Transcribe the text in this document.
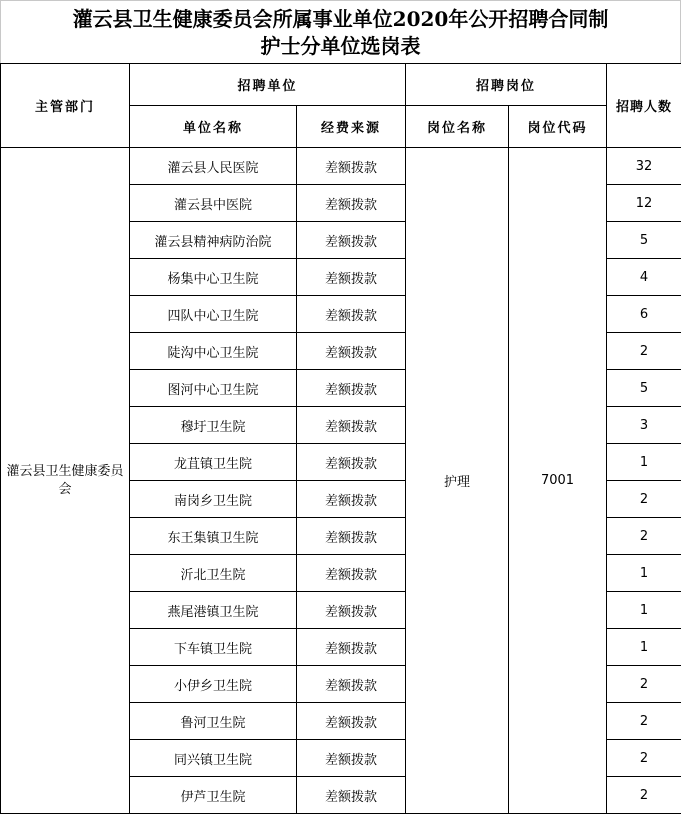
灌云县卫生健康委员会所属事业单位2020年公开招聘合同制
护士分单位选岗表
主管部门	招聘单位		招聘岗位		招聘人数
	单位名称	经费来源	岗位名称	岗位代码	
灌云县卫生健康委员会	灌云县人民医院	差额拨款	护理	7001	32
	灌云县中医院	差额拨款			12
	灌云县精神病防治院	差额拨款			5
	杨集中心卫生院	差额拨款			4
	四队中心卫生院	差额拨款			6
	陡沟中心卫生院	差额拨款			2
	图河中心卫生院	差额拨款			5
	穆圩卫生院	差额拨款			3
	龙苴镇卫生院	差额拨款			1
	南岗乡卫生院	差额拨款			2
	东王集镇卫生院	差额拨款			2
	沂北卫生院	差额拨款			1
	燕尾港镇卫生院	差额拨款			1
	下车镇卫生院	差额拨款			1
	小伊乡卫生院	差额拨款			2
	鲁河卫生院	差额拨款			2
	同兴镇卫生院	差额拨款			2
	伊芦卫生院	差额拨款			2
